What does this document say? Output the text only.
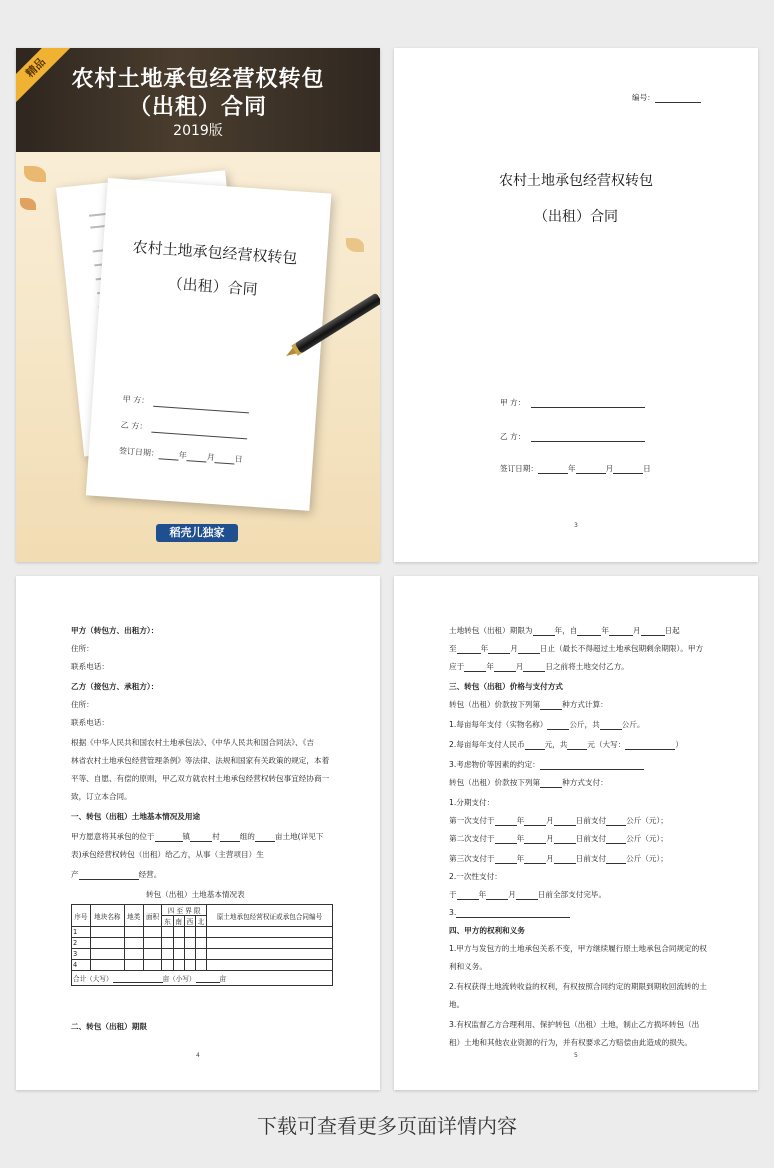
精品	农村土地承包经营权转包
（出租）合同
2019版
农村土地承包经营权转包
（出租）合同
甲 方：
乙 方：
签订日期： 年 月 日
稻壳儿独家
编号：
农村土地承包经营权转包
（出租）合同
甲 方：
乙 方：
签订日期：	年	月	日
3
甲方（转包方、出租方）：
住所：
联系电话：
乙方（接包方、承租方）：
住所：
联系电话：
根据《中华人民共和国农村土地承包法》、《中华人民共和国合同法》、《吉
林省农村土地承包经营管理条例》等法律、法规和国家有关政策的规定，本着
平等、自愿、有偿的原则，甲乙双方就农村土地承包经营权转包事宜经协商一
致，订立本合同。
一、转包（出租）土地基本情况及用途
甲方愿意将其承包的位于	镇	村	组的	亩土地(详见下
表)承包经营权转包（出租）给乙方，从事（主营项目）生
产	经营。
转包（出租）土地基本情况表
序号	地块名称	地类	面积	四 至 界 限				原土地承包经营权证或承包合同编号
				东	南	西	北	
1								
2								
3								
4								
合计（大写） 亩（小写） 亩								
二、转包（出租）期限
4
土地转包（出租）期限为	年，自	年	月	日起
至	年	月	日止（最长不得超过土地承包期剩余期限）。甲方
应于	年	月	日之前将土地交付乙方。
三、转包（出租）价格与支付方式
转包（出租）价款按下列第	种方式计算：
1.每亩每年支付（实物名称）	公斤，共	公斤。
2.每亩每年支付人民币	元，共	元（大写：	）
3.考虑物价等因素的约定：
转包（出租）价款按下列第	种方式支付：
1.分期支付：
第一次支付于	年	月	日前支付	公斤（元）；
第二次支付于	年	月	日前支付	公斤（元）；
第三次支付于	年	月	日前支付	公斤（元）；
2.一次性支付：
于	年	月	日前全部支付完毕。
3.
四、甲方的权利和义务
1.甲方与发包方的土地承包关系不变，甲方继续履行原土地承包合同规定的权
利和义务。
2.有权获得土地流转收益的权利，有权按照合同约定的期限到期收回流转的土
地。
3.有权监督乙方合理利用、保护转包（出租）土地，制止乙方损坏转包（出
租）土地和其他农业资源的行为，并有权要求乙方赔偿由此造成的损失。
5
下载可查看更多页面详情内容
